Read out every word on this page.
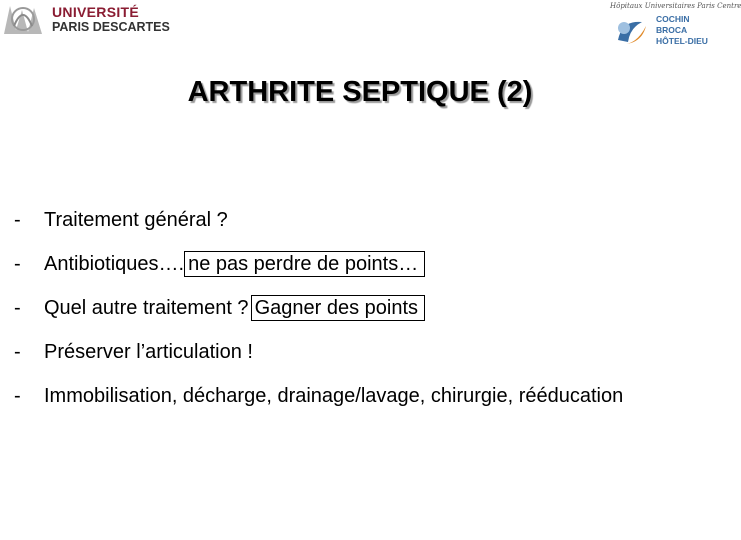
UNIVERSITÉ
PARIS DESCARTES
Hôpitaux Universitaires Paris Centre
COCHIN
BROCA
HÔTEL-DIEU
ARTHRITE SEPTIQUE (2)
-	Traitement général ?
-	Antibiotiques…. ne pas perdre de points…
-	Quel autre traitement ? Gagner des points
-	Préserver l’articulation !
-	Immobilisation, décharge, drainage/lavage, chirurgie, rééducation
